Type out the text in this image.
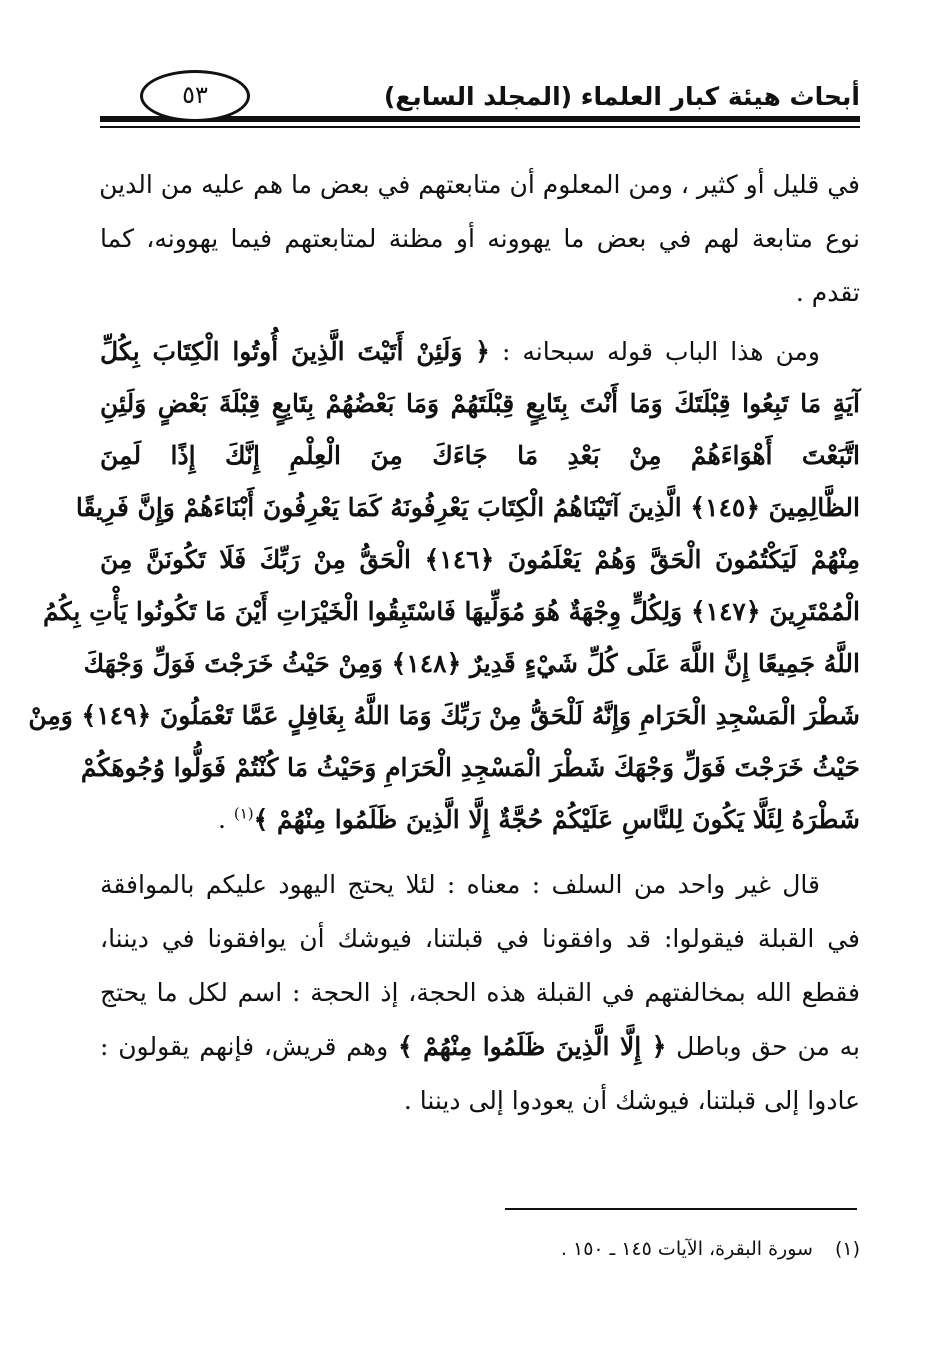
أبحاث هيئة كبار العلماء (المجلد السابع)
٥٣
في قليل أو كثير ، ومن المعلوم أن متابعتهم في بعض ما هم عليه من الدين
نوع متابعة لهم في بعض ما يهوونه أو مظنة لمتابعتهم فيما يهوونه، كما
تقدم .
ومن هذا الباب قوله سبحانه : ﴿ وَلَئِنْ أَتَيْتَ الَّذِينَ أُوتُوا الْكِتَابَ بِكُلِّ
آيَةٍ مَا تَبِعُوا قِبْلَتَكَ وَمَا أَنْتَ بِتَابِعٍ قِبْلَتَهُمْ وَمَا بَعْضُهُمْ بِتَابِعٍ قِبْلَةَ بَعْضٍ وَلَئِنِ
اتَّبَعْتَ أَهْوَاءَهُمْ مِنْ بَعْدِ مَا جَاءَكَ مِنَ الْعِلْمِ إِنَّكَ إِذًا لَمِنَ
الظَّالِمِينَ ﴿١٤٥﴾ الَّذِينَ آتَيْنَاهُمُ الْكِتَابَ يَعْرِفُونَهُ كَمَا يَعْرِفُونَ أَبْنَاءَهُمْ وَإِنَّ فَرِيقًا
مِنْهُمْ لَيَكْتُمُونَ الْحَقَّ وَهُمْ يَعْلَمُونَ ﴿١٤٦﴾ الْحَقُّ مِنْ رَبِّكَ فَلَا تَكُونَنَّ مِنَ
الْمُمْتَرِينَ ﴿١٤٧﴾ وَلِكُلٍّ وِجْهَةٌ هُوَ مُوَلِّيهَا فَاسْتَبِقُوا الْخَيْرَاتِ أَيْنَ مَا تَكُونُوا يَأْتِ بِكُمُ
اللَّهُ جَمِيعًا إِنَّ اللَّهَ عَلَى كُلِّ شَيْءٍ قَدِيرٌ ﴿١٤٨﴾ وَمِنْ حَيْثُ خَرَجْتَ فَوَلِّ وَجْهَكَ
شَطْرَ الْمَسْجِدِ الْحَرَامِ وَإِنَّهُ لَلْحَقُّ مِنْ رَبِّكَ وَمَا اللَّهُ بِغَافِلٍ عَمَّا تَعْمَلُونَ ﴿١٤٩﴾ وَمِنْ
حَيْثُ خَرَجْتَ فَوَلِّ وَجْهَكَ شَطْرَ الْمَسْجِدِ الْحَرَامِ وَحَيْثُ مَا كُنْتُمْ فَوَلُّوا وُجُوهَكُمْ
شَطْرَهُ لِئَلَّا يَكُونَ لِلنَّاسِ عَلَيْكُمْ حُجَّةٌ إِلَّا الَّذِينَ ظَلَمُوا مِنْهُمْ ﴾$^{(١)}$ .
قال غير واحد من السلف : معناه : لئلا يحتج اليهود عليكم بالموافقة
في القبلة فيقولوا: قد وافقونا في قبلتنا، فيوشك أن يوافقونا في ديننا،
فقطع الله بمخالفتهم في القبلة هذه الحجة، إذ الحجة : اسم لكل ما يحتج
به من حق وباطل ﴿ إِلَّا الَّذِينَ ظَلَمُوا مِنْهُمْ ﴾ وهم قريش، فإنهم يقولون :
عادوا إلى قبلتنا، فيوشك أن يعودوا إلى ديننا .
(١)سورة البقرة، الآيات ١٤٥ ـ ١٥٠ .
